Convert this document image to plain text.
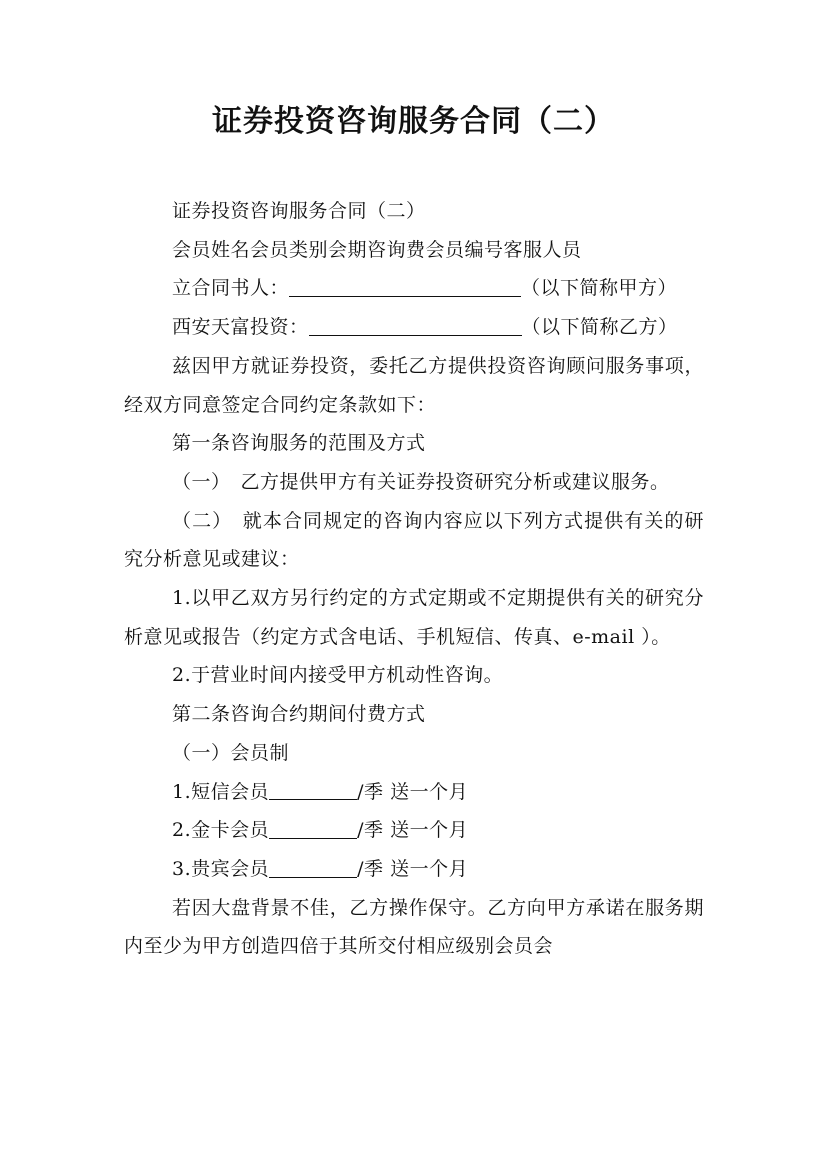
证券投资咨询服务合同（二）

证券投资咨询服务合同（二）

会员姓名会员类别会期咨询费会员编号客服人员

立合同书人：	（以下简称甲方）

西安天富投资：	（以下简称乙方）

兹因甲方就证券投资，委托乙方提供投资咨询顾问服务事项，经双方同意签定合同约定条款如下：

第一条咨询服务的范围及方式

（一）　乙方提供甲方有关证券投资研究分析或建议服务。

（二）　就本合同规定的咨询内容应以下列方式提供有关的研究分析意见或建议：

1.以甲乙双方另行约定的方式定期或不定期提供有关的研究分析意见或报告（约定方式含电话、手机短信、传真、e-mail ）。

2.于营业时间内接受甲方机动性咨询。

第二条咨询合约期间付费方式

（一）会员制

1.短信会员	/季 送一个月

2.金卡会员	/季 送一个月

3.贵宾会员	/季 送一个月

若因大盘背景不佳，乙方操作保守。乙方向甲方承诺在服务期内至少为甲方创造四倍于其所交付相应级别会员会
